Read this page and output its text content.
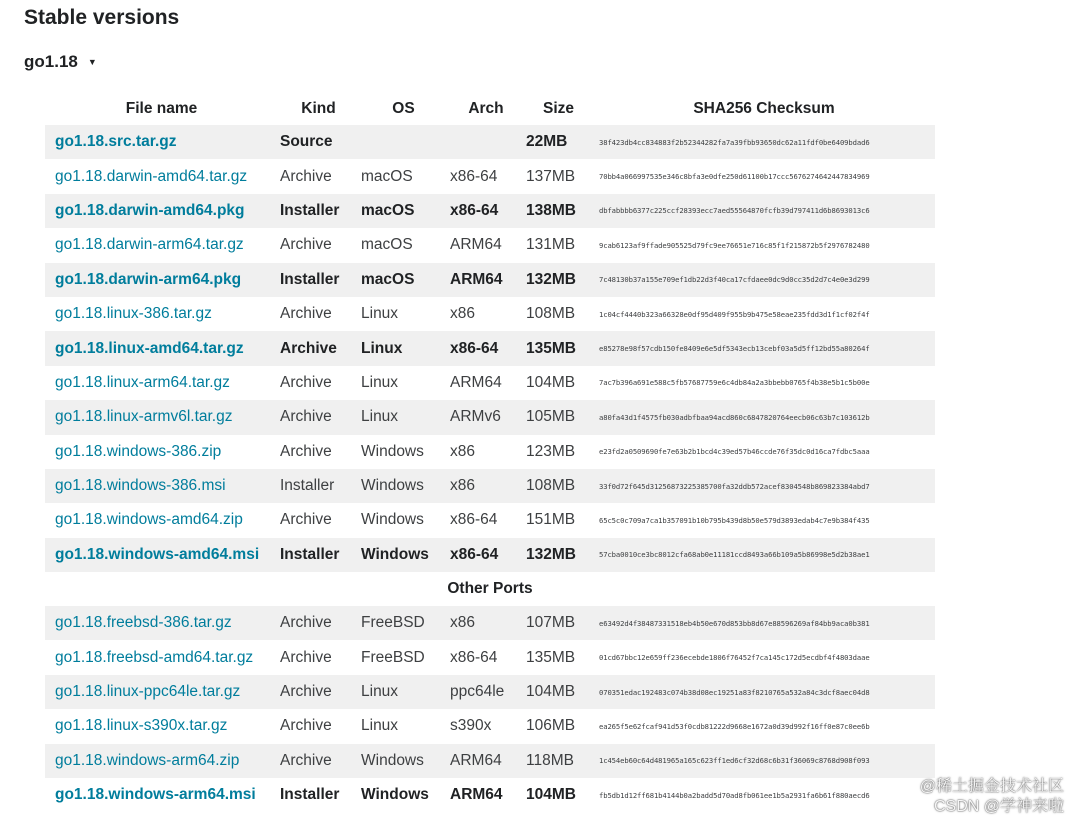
Stable versions
go1.18 ▼
File name	Kind	OS	Arch	Size	SHA256 Checksum
go1.18.src.tar.gz	Source			22MB	38f423db4cc834883f2b52344282fa7a39fbb93650dc62a11fdf0be6409bdad6
go1.18.darwin-amd64.tar.gz	Archive	macOS	x86-64	137MB	70bb4a066997535e346c8bfa3e0dfe250d61100b17ccc5676274642447834969
go1.18.darwin-amd64.pkg	Installer	macOS	x86-64	138MB	dbfabbbb6377c225ccf28393ecc7aed55564870fcfb39d797411d6b8693013c6
go1.18.darwin-arm64.tar.gz	Archive	macOS	ARM64	131MB	9cab6123af9ffade905525d79fc9ee76651e716c85f1f215872b5f2976782480
go1.18.darwin-arm64.pkg	Installer	macOS	ARM64	132MB	7c48130b37a155e709ef1db22d3f40ca17cfdaee0dc9d0cc35d2d7c4e0e3d299
go1.18.linux-386.tar.gz	Archive	Linux	x86	108MB	1c04cf4440b323a66328e0df95d409f955b9b475e58eae235fdd3d1f1cf02f4f
go1.18.linux-amd64.tar.gz	Archive	Linux	x86-64	135MB	e85278e98f57cdb150fe8409e6e5df5343ecb13cebf03a5d5ff12bd55a80264f
go1.18.linux-arm64.tar.gz	Archive	Linux	ARM64	104MB	7ac7b396a691e588c5fb57687759e6c4db84a2a3bbebb0765f4b38e5b1c5b00e
go1.18.linux-armv6l.tar.gz	Archive	Linux	ARMv6	105MB	a80fa43d1f4575fb030adbfbaa94acd860c6847820764eecb06c63b7c103612b
go1.18.windows-386.zip	Archive	Windows	x86	123MB	e23fd2a0509690fe7e63b2b1bcd4c39ed57b46ccde76f35dc0d16ca7fdbc5aaa
go1.18.windows-386.msi	Installer	Windows	x86	108MB	33f0d72f645d31256873225385700fa32ddb572acef8304548b869823384abd7
go1.18.windows-amd64.zip	Archive	Windows	x86-64	151MB	65c5c0c709a7ca1b357091b10b795b439d8b50e579d3893edab4c7e9b384f435
go1.18.windows-amd64.msi	Installer	Windows	x86-64	132MB	57cba0010ce3bc8012cfa68ab0e11181ccd8493a66b109a5b86998e5d2b38ae1
Other Ports					
go1.18.freebsd-386.tar.gz	Archive	FreeBSD	x86	107MB	e63492d4f38487331518eb4b50e670d853bb8d67e88596269af84bb9aca0b381
go1.18.freebsd-amd64.tar.gz	Archive	FreeBSD	x86-64	135MB	01cd67bbc12e659ff236ecebde1806f76452f7ca145c172d5ecdbf4f4803daae
go1.18.linux-ppc64le.tar.gz	Archive	Linux	ppc64le	104MB	070351edac192483c074b38d08ec19251a83f8210765a532a84c3dcf8aec04d8
go1.18.linux-s390x.tar.gz	Archive	Linux	s390x	106MB	ea265f5e62fcaf941d53f0cdb81222d9668e1672a0d39d992f16ff0e87c0ee6b
go1.18.windows-arm64.zip	Archive	Windows	ARM64	118MB	1c454eb60c64d481965a165c623ff1ed6cf32d68c6b31f36069c8768d908f093
go1.18.windows-arm64.msi	Installer	Windows	ARM64	104MB	fb5db1d12ff681b4144b0a2badd5d70ad8fb061ee1b5a2931fa6b61f880aecd6
@稀土掘金技术社区
CSDN @学神来啦
